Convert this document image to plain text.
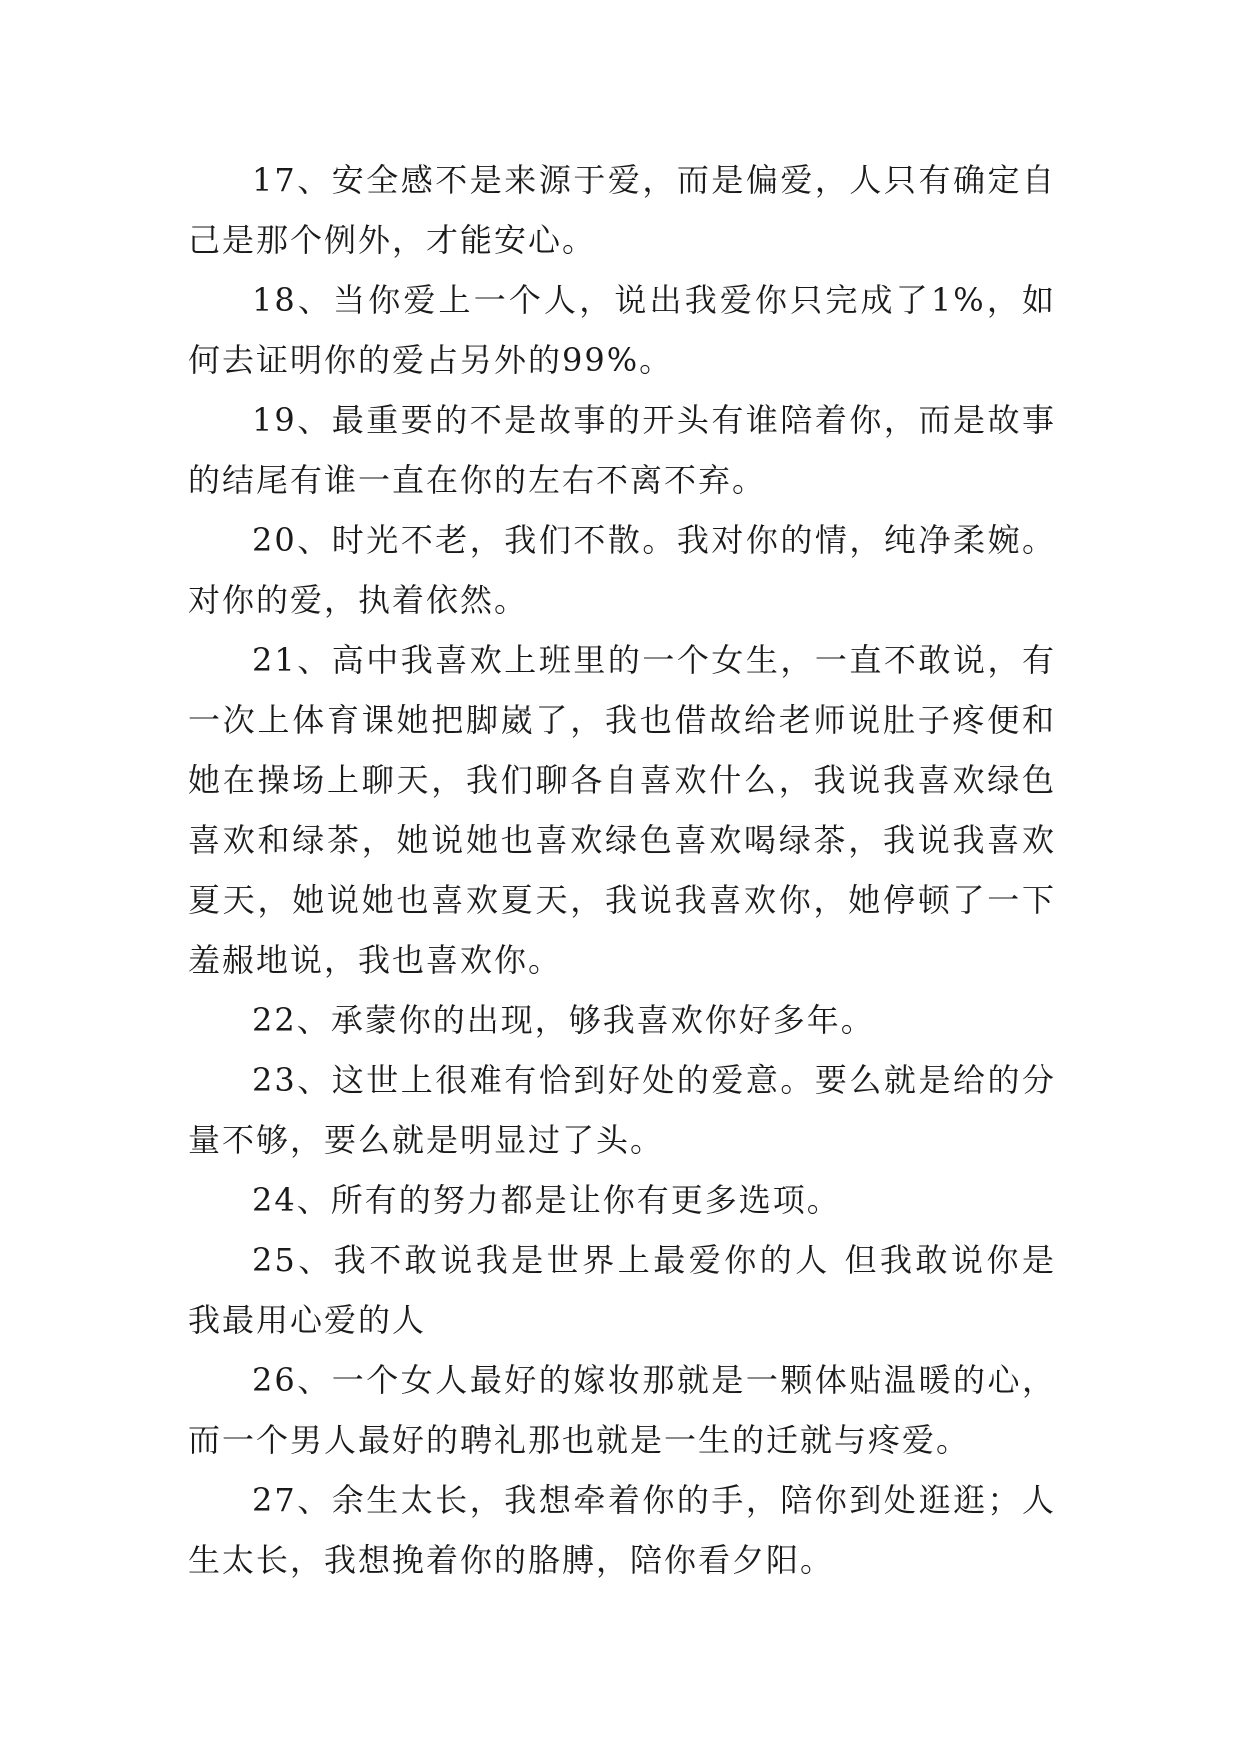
17、安全感不是来源于爱，而是偏爱，人只有确定自己是那个例外，才能安心。

18、当你爱上一个人，说出我爱你只完成了1%，如何去证明你的爱占另外的99%。

19、最重要的不是故事的开头有谁陪着你，而是故事的结尾有谁一直在你的左右不离不弃。

20、时光不老，我们不散。我对你的情，纯净柔婉。对你的爱，执着依然。

21、高中我喜欢上班里的一个女生，一直不敢说，有一次上体育课她把脚崴了，我也借故给老师说肚子疼便和她在操场上聊天，我们聊各自喜欢什么，我说我喜欢绿色喜欢和绿茶，她说她也喜欢绿色喜欢喝绿茶，我说我喜欢夏天，她说她也喜欢夏天，我说我喜欢你，她停顿了一下羞赧地说，我也喜欢你。

22、承蒙你的出现，够我喜欢你好多年。

23、这世上很难有恰到好处的爱意。要么就是给的分量不够，要么就是明显过了头。

24、所有的努力都是让你有更多选项。

25、我不敢说我是世界上最爱你的人 但我敢说你是我最用心爱的人

26、一个女人最好的嫁妆那就是一颗体贴温暖的心，而一个男人最好的聘礼那也就是一生的迁就与疼爱。

27、余生太长，我想牵着你的手，陪你到处逛逛；人生太长，我想挽着你的胳膊，陪你看夕阳。
